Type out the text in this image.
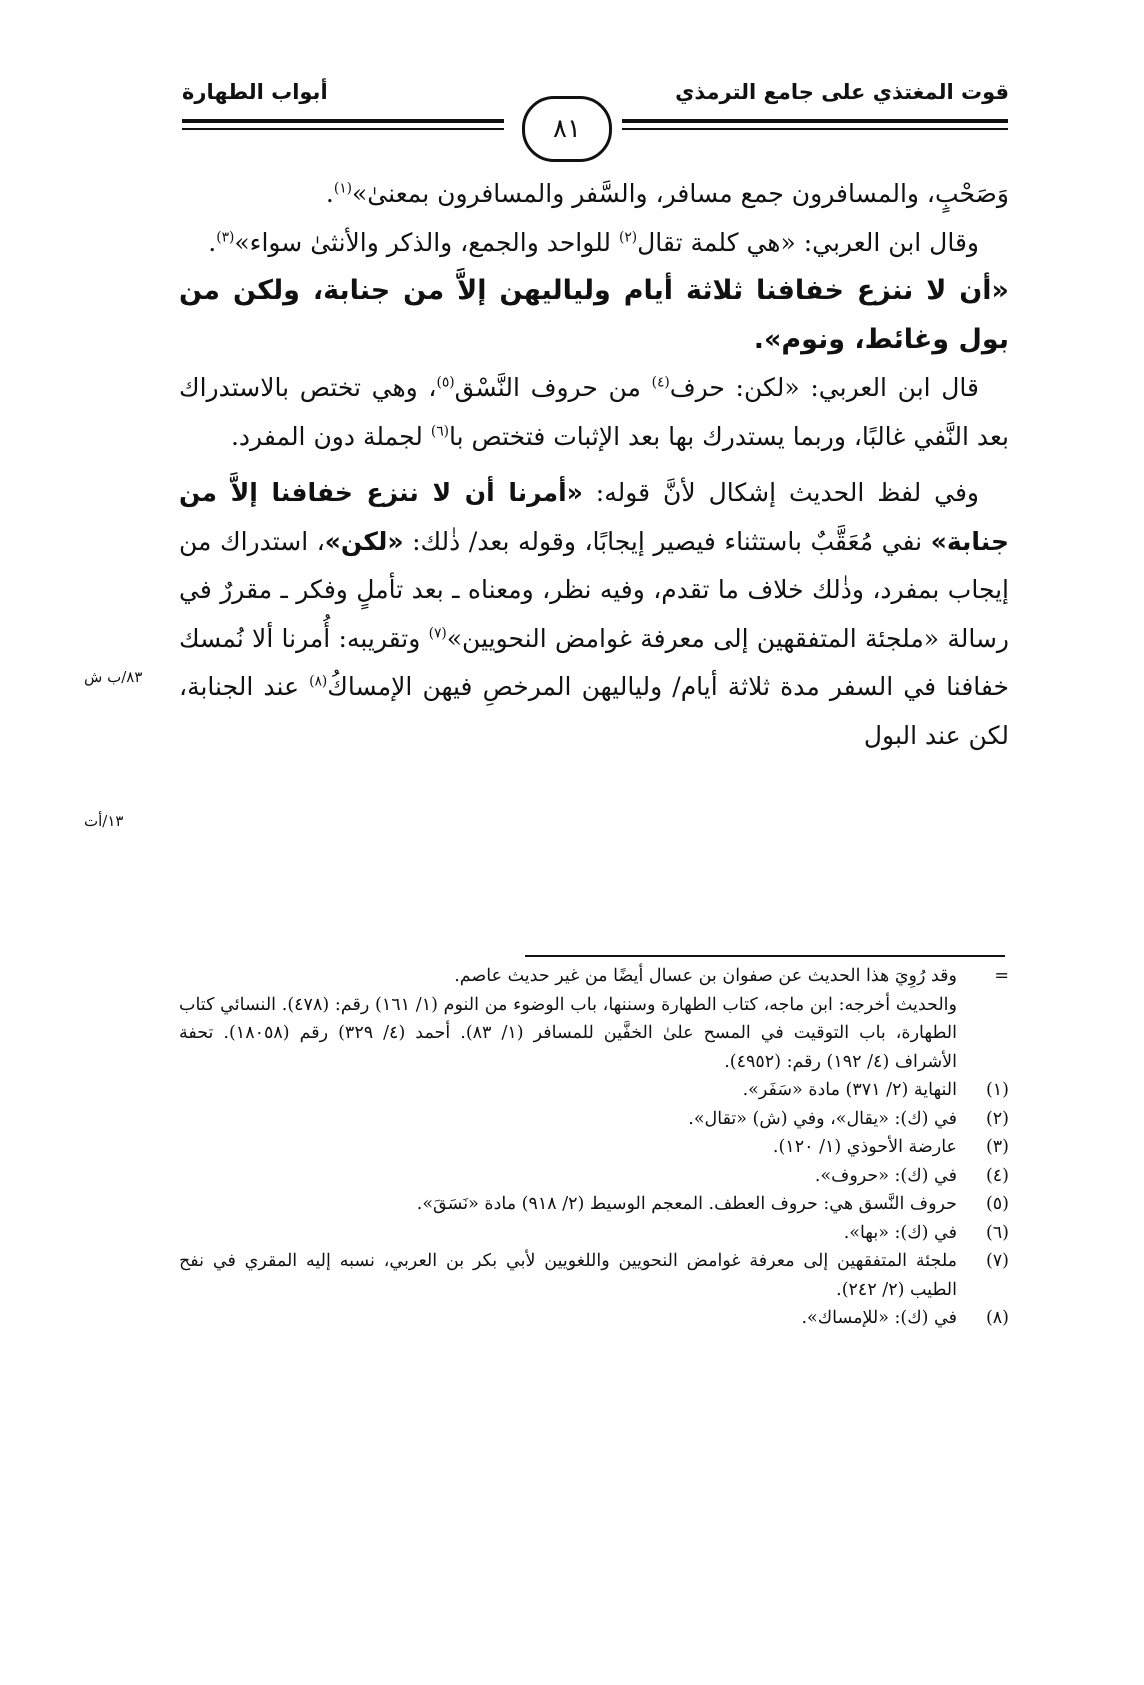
قوت المغتذي على جامع الترمذي
أبواب الطهارة
٨١

وَصَحْبٍ، والمسافرون جمع مسافر، والسَّفر والمسافرون بمعنىٰ»$^{(١)}$.

وقال ابن العربي: «هي كلمة تقال$^{(٢)}$ للواحد والجمع، والذكر والأنثىٰ سواء»$^{(٣)}$.

«أن لا ننزع خفافنا ثلاثة أيام ولياليهن إلاَّ من جنابة، ولكن من بول وغائط، ونوم».

قال ابن العربي: «لكن: حرف$^{(٤)}$ من حروف النَّسْق$^{(٥)}$، وهي تختص بالاستدراك بعد النَّفي غالبًا، وربما يستدرك بها بعد الإثبات فتختص با$^{(٦)}$ لجملة دون المفرد.

وفي لفظ الحديث إشكال لأنَّ قوله: «أمرنا أن لا ننزع خفافنا إلاَّ من جنابة» نفي مُعَقَّبٌ باستثناء فيصير إيجابًا، وقوله بعد/ ذٰلك: «لكن»، استدراك من إيجاب بمفرد، وذٰلك خلاف ما تقدم، وفيه نظر، ومعناه ـ بعد تأملٍ وفكر ـ مقررٌ في رسالة «ملجئة المتفقهين إلى معرفة غوامض النحويين»$^{(٧)}$ وتقريبه: أُمرنا ألا نُمسك خفافنا في السفر مدة ثلاثة أيام/ ولياليهن المرخصِ فيهن الإمساكُ$^{(٨)}$ عند الجنابة، لكن عند البول

٨٣/ب ش
١٣/أت
=

وقد رُوِيَ هذا الحديث عن صفوان بن عسال أيضًا من غير حديث عاصم.

والحديث أخرجه: ابن ماجه، كتاب الطهارة وسننها، باب الوضوء من النوم (١/ ١٦١) رقم: (٤٧٨). النسائي كتاب الطهارة، باب التوقيت في المسح علىٰ الخفَّين للمسافر (١/ ٨٣). أحمد (٤/ ٣٢٩) رقم (١٨٠٥٨). تحفة الأشراف (٤/ ١٩٢) رقم: (٤٩٥٢).

(١)

النهاية (٢/ ٣٧١) مادة «سَفَر».

(٢)

في (ك): «يقال»، وفي (ش) «تقال».

(٣)

عارضة الأحوذي (١/ ١٢٠).

(٤)

في (ك): «حروف».

(٥)

حروف النَّسق هي: حروف العطف. المعجم الوسيط (٢/ ٩١٨) مادة «نَسَقَ».

(٦)

في (ك): «بها».

(٧)

ملجئة المتفقهين إلى معرفة غوامض النحويين واللغويين لأبي بكر بن العربي، نسبه إليه المقري في نفح الطيب (٢/ ٢٤٢).

(٨)

في (ك): «للإمساك».
